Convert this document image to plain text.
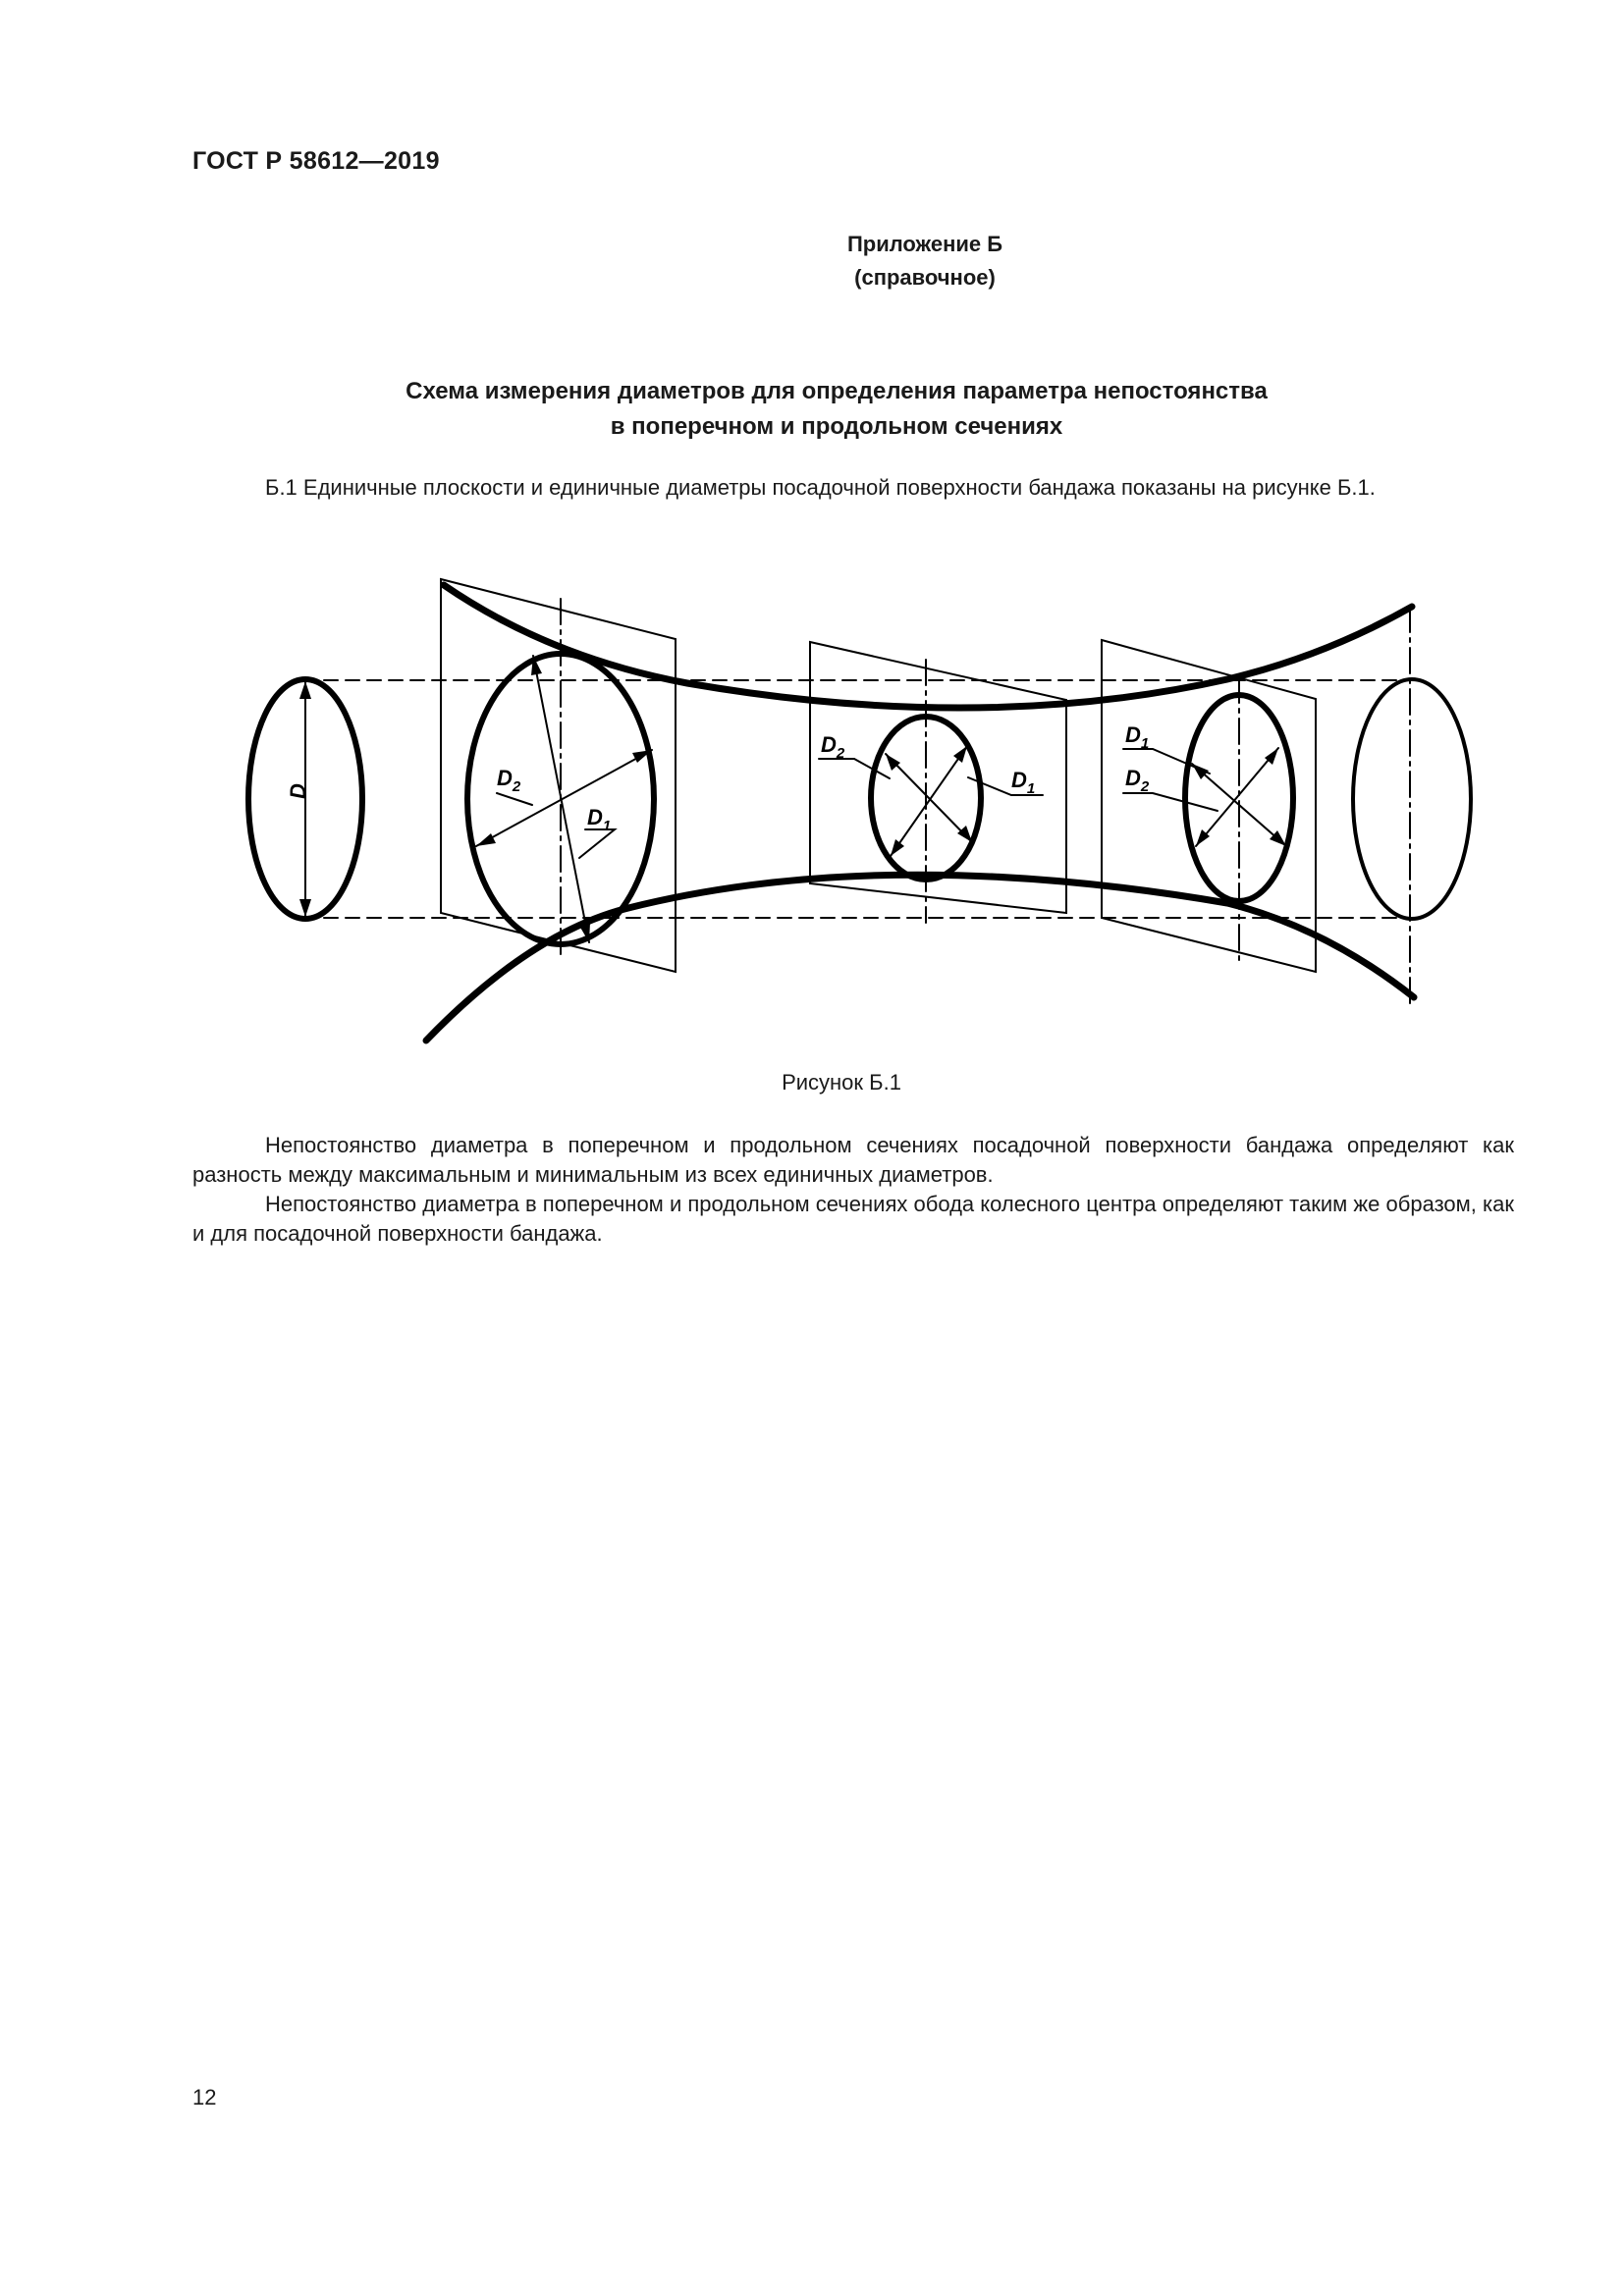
ГОСТ Р 58612—2019
Приложение Б
(справочное)
Схема измерения диаметров для определения параметра непостоянства
в поперечном и продольном сечениях
Б.1 Единичные плоскости и единичные диаметры посадочной поверхности бандажа показаны на рисунке Б.1.
D
$D_2$
$D_1$
$D_2$
$D_1$
$D_1$
$D_2$
Рисунок Б.1
Непостоянство диаметра в поперечном и продольном сечениях посадочной поверхности бандажа определяют как разность между максимальным и минимальным из всех единичных диаметров.
Непостоянство диаметра в поперечном и продольном сечениях обода колесного центра определяют таким же образом, как и для посадочной поверхности бандажа.
12
